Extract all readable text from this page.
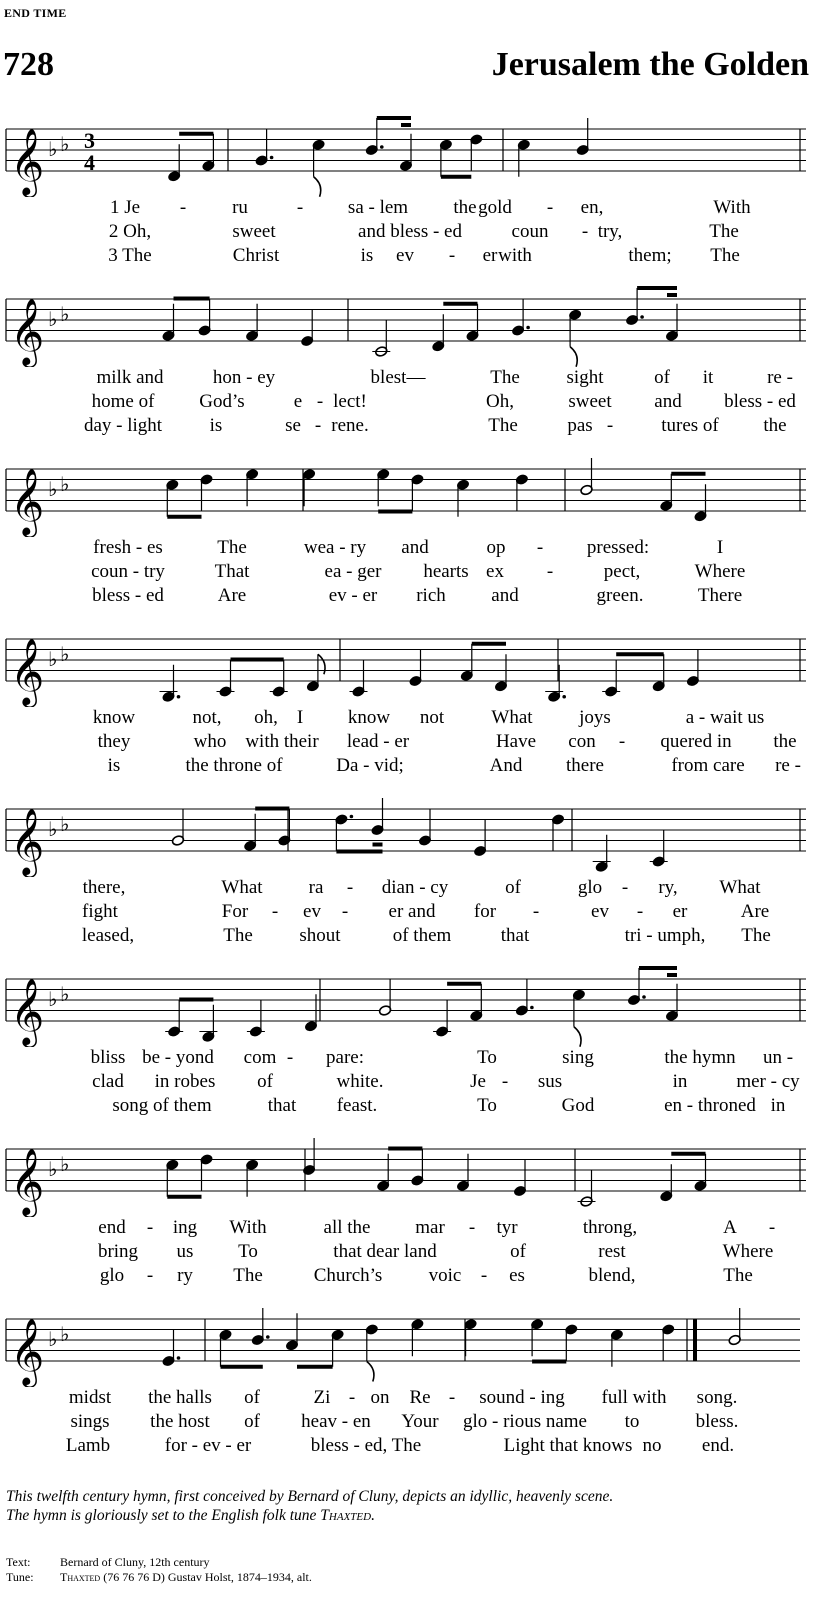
END TIME
728	Jerusalem the Golden
𝄞 ♭ ♭ 3
4
1 Je - ru	- sa - lem the gold - en,	With
2 Oh,	sweet	and bless - ed	coun - try,	The
3 The	Christ	is ev - er with	them; The
𝄞 ♭ ♭
milk and	hon - ey	blest—	The sight	of it	re -
home of God’s	e - lect!	Oh,	sweet and bless - ed
day - light	is	se - rene.	The	pas -	tures of the
𝄞 ♭ ♭
fresh - es	The	wea - ry and	op - pressed:	I
coun - try	That	ea - ger hearts ex -	pect,	Where
bless - ed	Are	ev - er rich and	green.	There
𝄞 ♭ ♭
know	not, oh, I know not What joys	a - wait us
they	who with their lead - er	Have con - quered in the
is	the throne of	Da - vid;	And there	from care re -
𝄞 ♭ ♭
there,	What ra - dian - cy	of	glo - ry, What
fight	For - ev - er and for -	ev - er	Are
leased,	The shout	of them	that	tri - umph, The
𝄞 ♭ ♭
bliss be - yond com - pare:	To	sing	the hymn un -
clad in robes of	white.	Je - sus	in	mer - cy
song of them	that feast.	To	God	en - throned in
𝄞 ♭ ♭
end - ing With	all the mar - tyr	throng,	A -
bring us To	that dear land	of	rest	Where
glo - ry The	Church’s voic - es	blend,	The
𝄞 ♭ ♭
midst the halls of	Zi - on Re - sound - ing full with song.
sings the host of heav - en Your glo - rious name to	bless.
Lamb	for - ev - er	bless - ed, The	Light that knows no end.
This twelfth century hymn, first conceived by Bernard of Cluny, depicts an idyllic, heavenly scene.
The hymn is gloriously set to the English folk tune Thaxted.
Text:	Bernard of Cluny, 12th century
Tune:	Thaxted (76 76 76 D) Gustav Holst, 1874–1934, alt.
